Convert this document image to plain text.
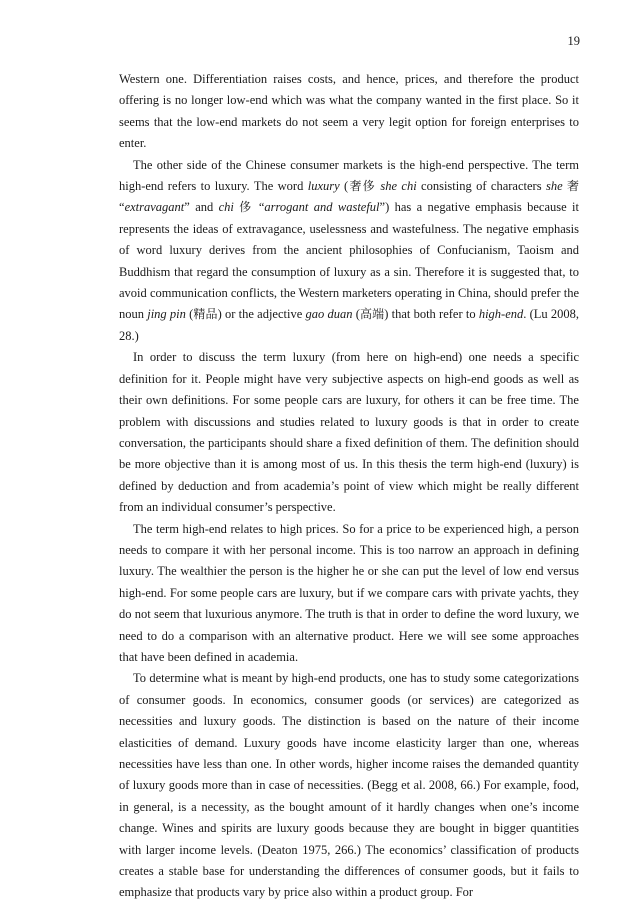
19

Western one. Differentiation raises costs, and hence, prices, and therefore the product offering is no longer low-end which was what the company wanted in the first place. So it seems that the low-end markets do not seem a very legit option for foreign enterprises to enter.

The other side of the Chinese consumer markets is the high-end perspective. The term high-end refers to luxury. The word luxury (奢侈 she chi consisting of characters she 奢 “extravagant” and chi 侈 “arrogant and wasteful”) has a negative emphasis because it represents the ideas of extravagance, uselessness and wastefulness. The negative emphasis of word luxury derives from the ancient philosophies of Confucianism, Taoism and Buddhism that regard the consumption of luxury as a sin. Therefore it is suggested that, to avoid communication conflicts, the Western marketers operating in China, should prefer the noun jing pin (精品) or the adjective gao duan (高端) that both refer to high-end. (Lu 2008, 28.)

In order to discuss the term luxury (from here on high-end) one needs a specific definition for it. People might have very subjective aspects on high-end goods as well as their own definitions. For some people cars are luxury, for others it can be free time. The problem with discussions and studies related to luxury goods is that in order to create conversation, the participants should share a fixed definition of them. The definition should be more objective than it is among most of us. In this thesis the term high-end (luxury) is defined by deduction and from academia’s point of view which might be really different from an individual consumer’s perspective.

The term high-end relates to high prices. So for a price to be experienced high, a person needs to compare it with her personal income. This is too narrow an approach in defining luxury. The wealthier the person is the higher he or she can put the level of low end versus high-end. For some people cars are luxury, but if we compare cars with private yachts, they do not seem that luxurious anymore. The truth is that in order to define the word luxury, we need to do a comparison with an alternative product. Here we will see some approaches that have been defined in academia.

To determine what is meant by high-end products, one has to study some categorizations of consumer goods. In economics, consumer goods (or services) are categorized as necessities and luxury goods. The distinction is based on the nature of their income elasticities of demand. Luxury goods have income elasticity larger than one, whereas necessities have less than one. In other words, higher income raises the demanded quantity of luxury goods more than in case of necessities. (Begg et al. 2008, 66.) For example, food, in general, is a necessity, as the bought amount of it hardly changes when one’s income change. Wines and spirits are luxury goods because they are bought in bigger quantities with larger income levels. (Deaton 1975, 266.) The economics’ classification of products creates a stable base for understanding the differences of consumer goods, but it fails to emphasize that products vary by price also within a product group. For
